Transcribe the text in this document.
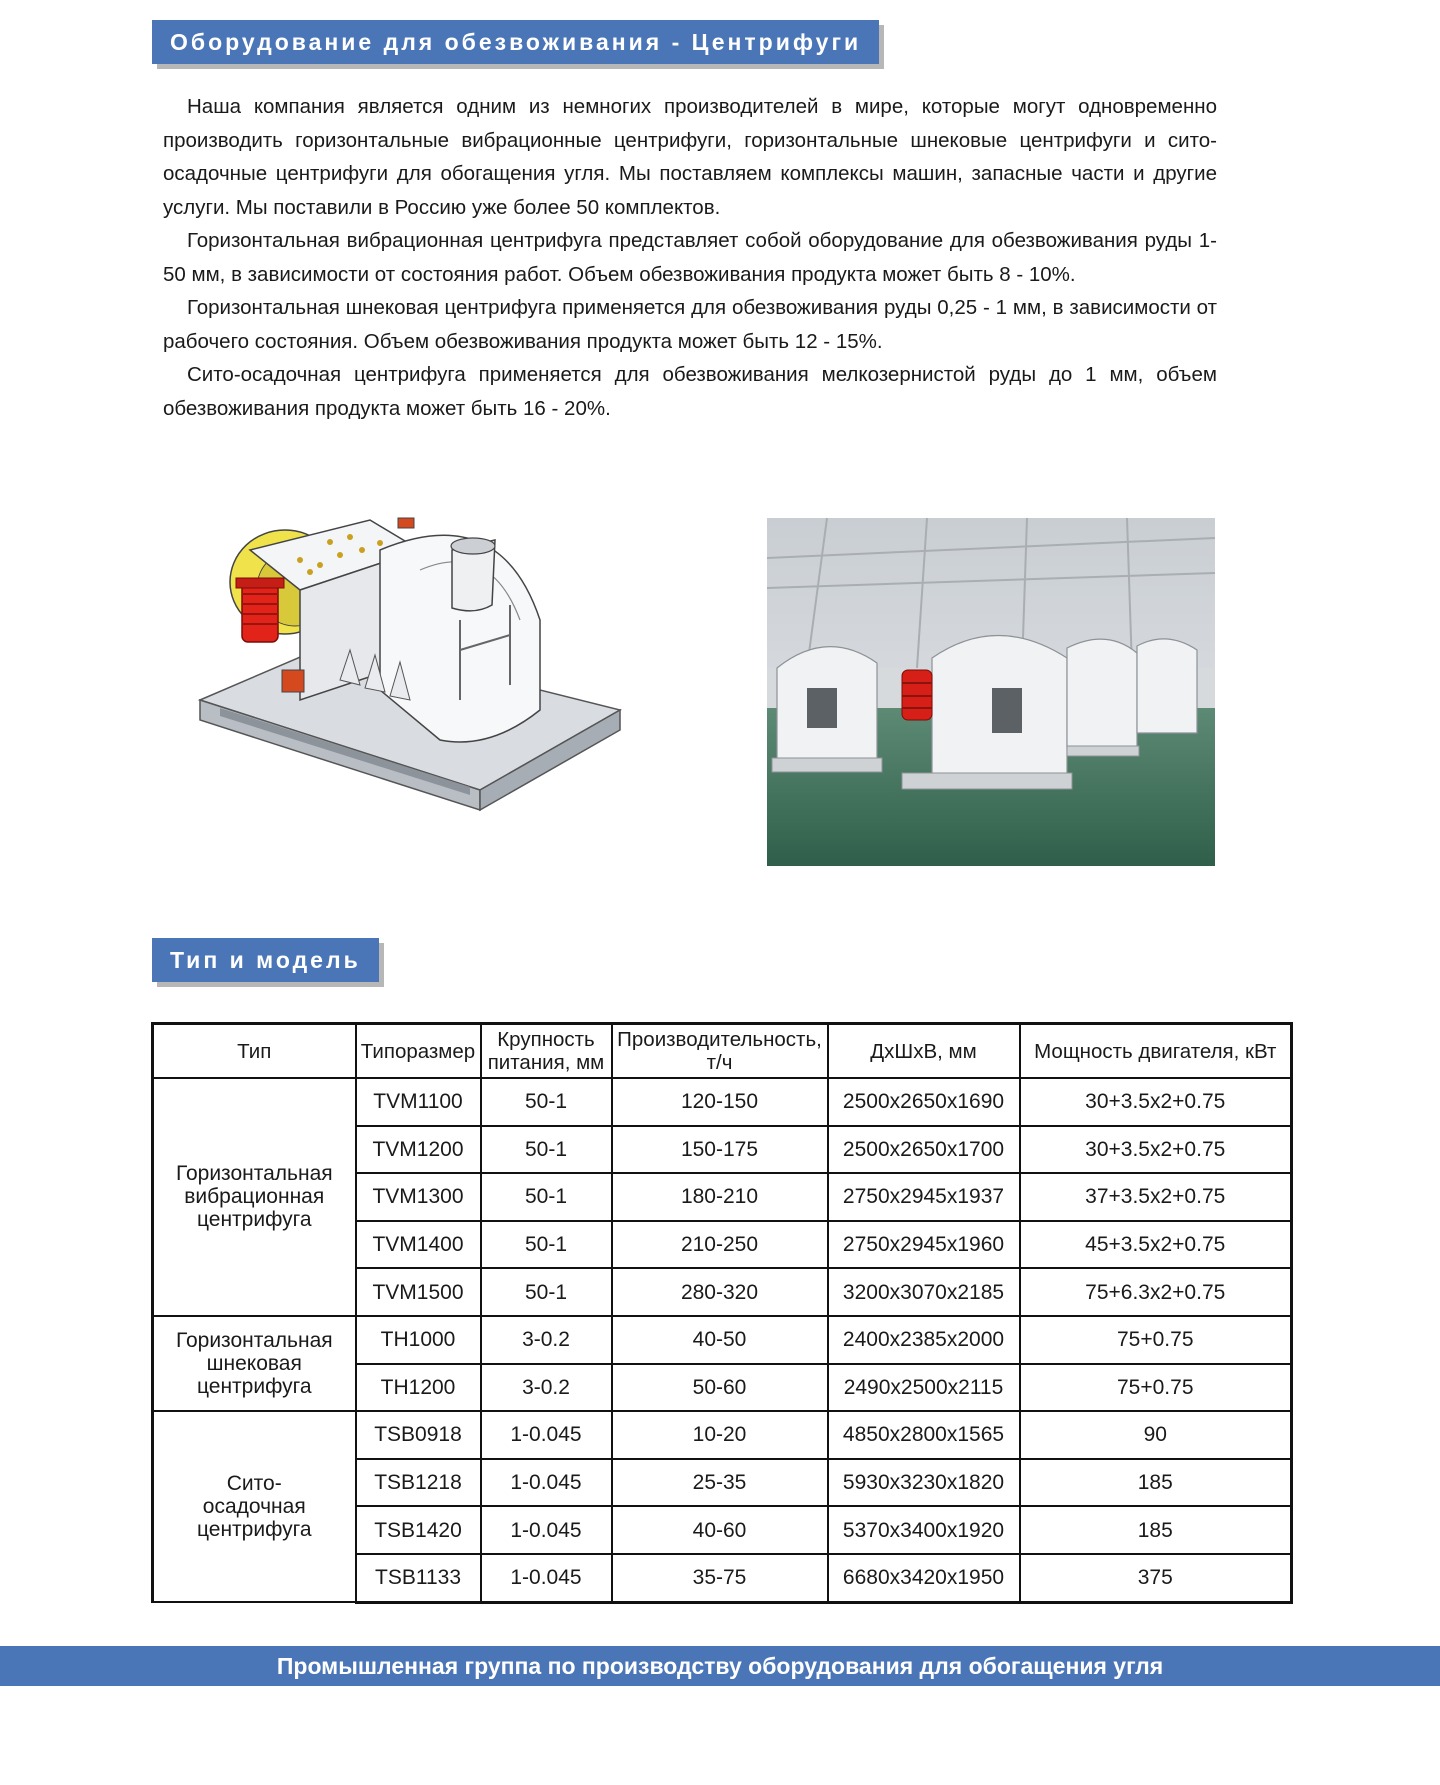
Оборудование для обезвоживания - Центрифуги

Наша компания является одним из немногих производителей в мире, которые могут одновременно производить горизонтальные вибрационные центрифуги, горизонтальные шнековые центрифуги и сито-осадочные центрифуги для обогащения угля. Мы поставляем комплексы машин, запасные части и другие услуги. Мы поставили в Россию уже более 50 комплектов.

Горизонтальная вибрационная центрифуга представляет собой оборудование для обезвоживания руды 1-50 мм, в зависимости от состояния работ. Объем обезвоживания продукта может быть 8 - 10%.

Горизонтальная шнековая центрифуга применяется для обезвоживания руды 0,25 - 1 мм, в зависимости от рабочего состояния. Объем обезвоживания продукта может быть 12 - 15%.

Сито-осадочная центрифуга применяется для обезвоживания мелкозернистой руды до 1 мм, объем обезвоживания продукта может быть 16 - 20%.

Тип и модель
Тип	Типоразмер	Крупность питания, мм	Производительность, т/ч	ДхШхВ, мм	Мощность двигателя, кВт
Горизонтальная вибрационная центрифуга	TVM1100	50-1	120-150	2500x2650x1690	30+3.5x2+0.75
	TVM1200	50-1	150-175	2500x2650x1700	30+3.5x2+0.75
	TVM1300	50-1	180-210	2750x2945x1937	37+3.5x2+0.75
	TVM1400	50-1	210-250	2750x2945x1960	45+3.5x2+0.75
	TVM1500	50-1	280-320	3200x3070x2185	75+6.3x2+0.75
Горизонтальная шнековая центрифуга	TH1000	3-0.2	40-50	2400x2385x2000	75+0.75
	TH1200	3-0.2	50-60	2490x2500x2115	75+0.75
Сито-осадочная центрифуга	TSB0918	1-0.045	10-20	4850x2800x1565	90
	TSB1218	1-0.045	25-35	5930x3230x1820	185
	TSB1420	1-0.045	40-60	5370x3400x1920	185
	TSB1133	1-0.045	35-75	6680x3420x1950	375
Промышленная группа по производству оборудования для обогащения угля
